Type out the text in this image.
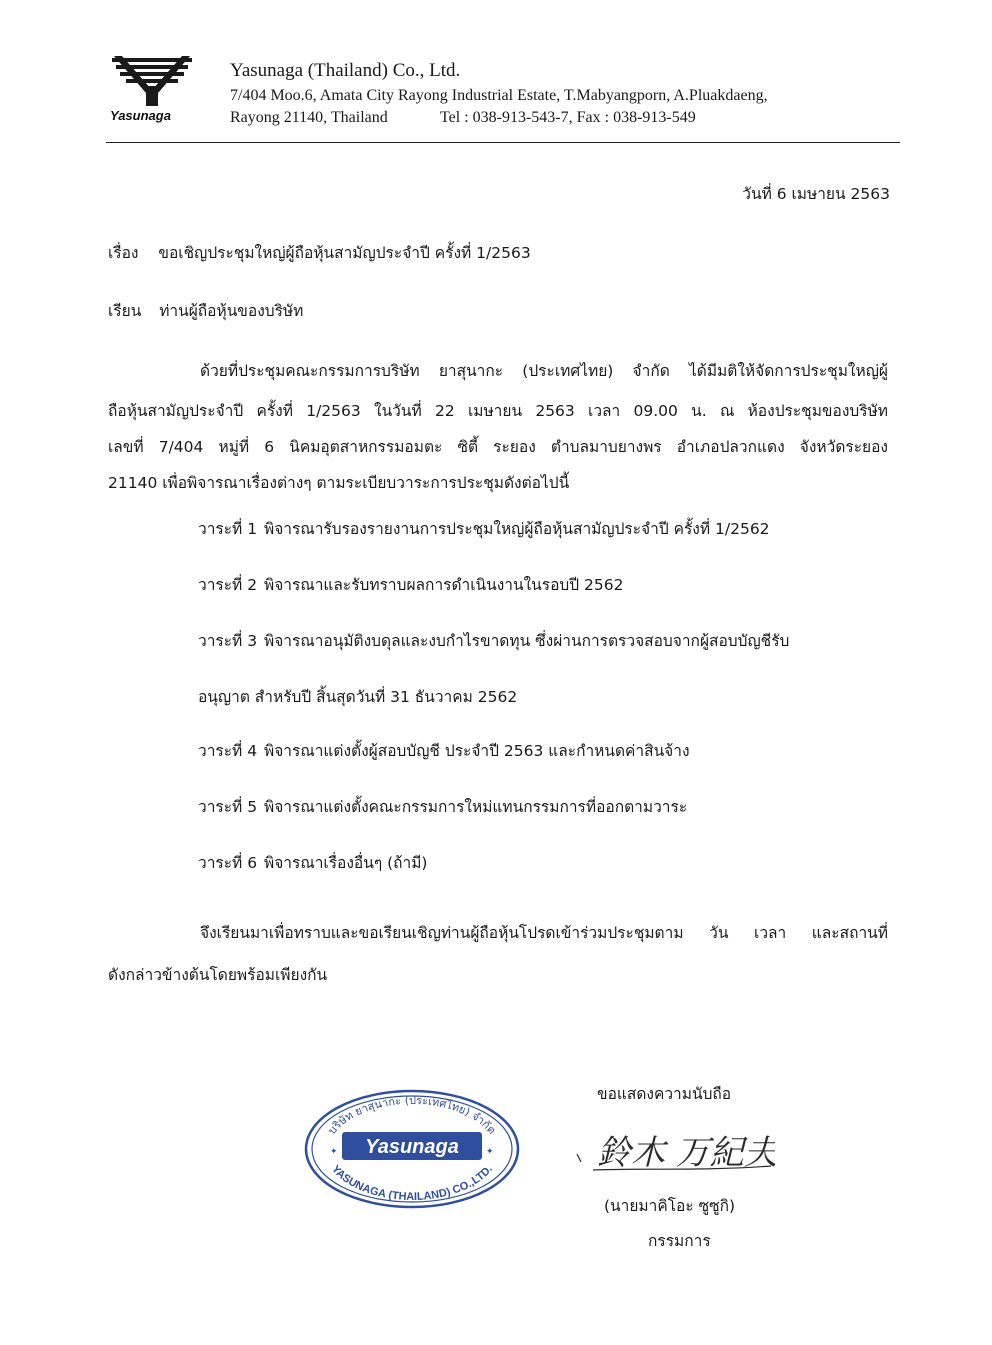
Yasunaga
Yasunaga (Thailand) Co., Ltd.
7/404 Moo.6, Amata City Rayong Industrial Estate, T.Mabyangporn, A.Pluakdaeng,
Rayong 21140, Thailand	Tel : 038-913-543-7, Fax : 038-913-549
วันที่ 6 เมษายน 2563
เรื่อง ขอเชิญประชุมใหญ่ผู้ถือหุ้นสามัญประจำปี ครั้งที่ 1/2563
เรียน ท่านผู้ถือหุ้นของบริษัท
ด้วยที่ประชุมคณะกรรมการบริษัท ยาสุนากะ (ประเทศไทย) จำกัด ได้มีมติให้จัดการประชุมใหญ่ผู้
ถือหุ้นสามัญประจำปี ครั้งที่ 1/2563 ในวันที่ 22 เมษายน 2563 เวลา 09.00 น. ณ ห้องประชุมของบริษัท
เลขที่ 7/404 หมู่ที่ 6 นิคมอุตสาหกรรมอมตะ ซิตี้ ระยอง ตำบลมาบยางพร อำเภอปลวกแดง จังหวัดระยอง
21140 เพื่อพิจารณาเรื่องต่างๆ ตามระเบียบวาระการประชุมดังต่อไปนี้
วาระที่ 1 พิจารณารับรองรายงานการประชุมใหญ่ผู้ถือหุ้นสามัญประจำปี ครั้งที่ 1/2562
วาระที่ 2 พิจารณาและรับทราบผลการดำเนินงานในรอบปี 2562
วาระที่ 3 พิจารณาอนุมัติงบดุลและงบกำไรขาดทุน ซึ่งผ่านการตรวจสอบจากผู้สอบบัญชีรับ
อนุญาต สำหรับปี สิ้นสุดวันที่ 31 ธันวาคม 2562
วาระที่ 4 พิจารณาแต่งตั้งผู้สอบบัญชี ประจำปี 2563 และกำหนดค่าสินจ้าง
วาระที่ 5 พิจารณาแต่งตั้งคณะกรรมการใหม่แทนกรรมการที่ออกตามวาระ
วาระที่ 6 พิจารณาเรื่องอื่นๆ (ถ้ามี)
จึงเรียนมาเพื่อทราบและขอเรียนเชิญท่านผู้ถือหุ้นโปรดเข้าร่วมประชุมตาม วัน เวลา และสถานที่
ดังกล่าวข้างต้นโดยพร้อมเพียงกัน
บริษัท ยาสุนากะ (ประเทศไทย) จำกัด
YASUNAGA (THAILAND) CO.,LTD.
Yasunaga
✦	✦
ขอแสดงความนับถือ
鈴木 万紀夫
(นายมาคิโอะ ซูซูกิ)
กรรมการ
